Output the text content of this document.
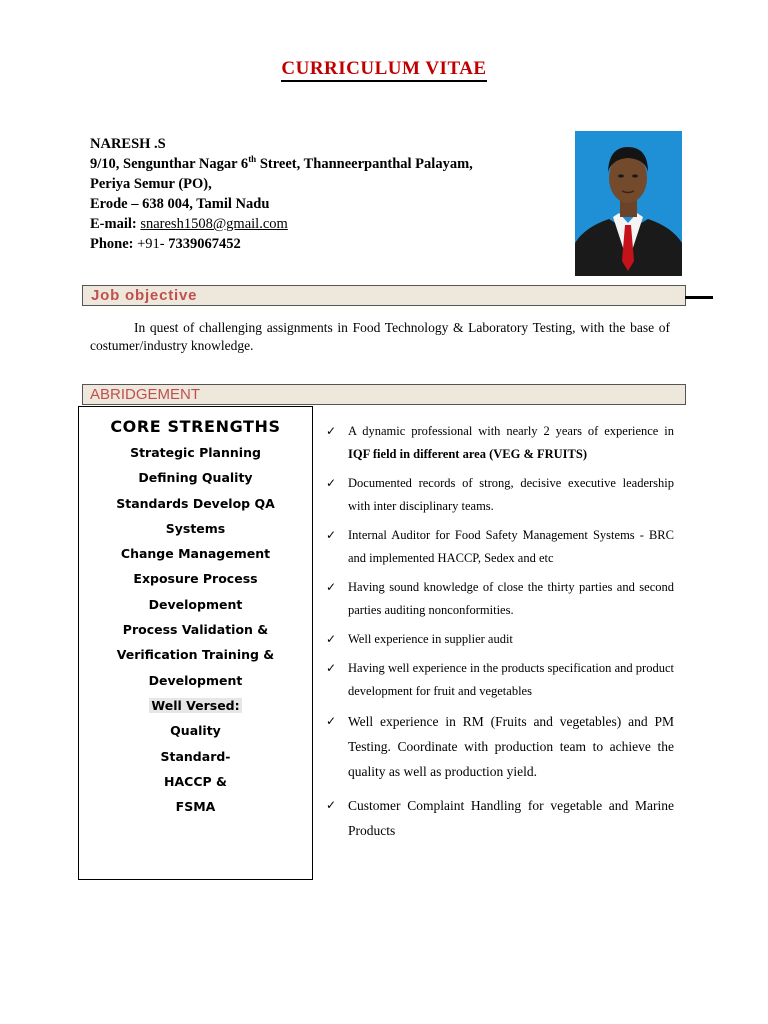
CURRICULUM VITAE
NARESH .S
9/10, Sengunthar Nagar 6th Street, Thanneerpanthal Palayam,
Periya Semur (PO),
Erode – 638 004, Tamil Nadu
E-mail: snaresh1508@gmail.com
Phone: +91- 7339067452
Job objective
In quest of challenging assignments in Food Technology & Laboratory Testing, with the base of costumer/industry knowledge.
ABRIDGEMENT
CORE STRENGTHS
Strategic Planning
Defining Quality
Standards Develop QA
Systems
Change Management
Exposure Process
Development
Process Validation &
Verification Training &
Development
Well Versed:
Quality
Standard-
HACCP &
FSMA
✓ A dynamic professional with nearly 2 years of experience in IQF field in different area (VEG & FRUITS)
✓ Documented records of strong, decisive executive leadership with inter disciplinary teams.
✓ Internal Auditor for Food Safety Management Systems - BRC and implemented HACCP, Sedex and etc
✓ Having sound knowledge of close the thirty parties and second parties auditing nonconformities.
✓ Well experience in supplier audit
✓ Having well experience in the products specification and product development for fruit and vegetables
✓ Well experience in RM (Fruits and vegetables) and PM Testing. Coordinate with production team to achieve the quality as well as production yield.
✓ Customer Complaint Handling for vegetable and Marine Products
